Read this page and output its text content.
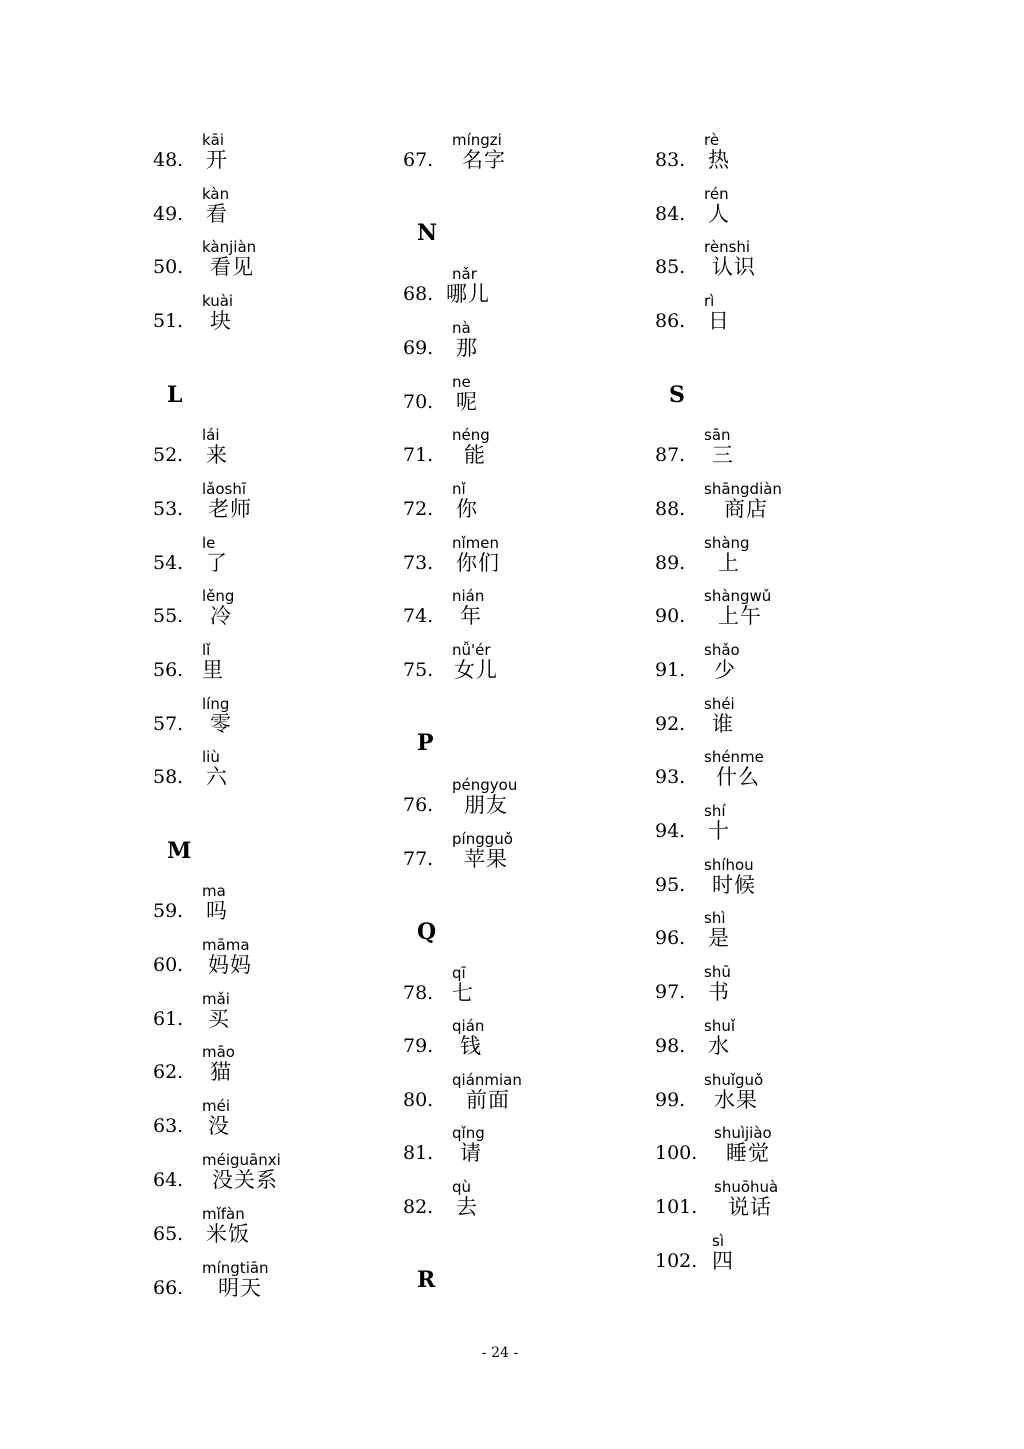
kāi
48. 开
kàn
49. 看
kànjiàn
50. 看见
kuài
51. 块
L
lái
52. 来
lǎoshī
53. 老师
le
54. 了
lěng
55. 冷
lǐ
56. 里
líng
57. 零
liù
58. 六
M
ma
59. 吗
māma
60. 妈妈
mǎi
61. 买
māo
62. 猫
méi
63. 没
méiguānxi
64. 没关系
mǐfàn
65. 米饭
míngtiān
66. 明天
míngzi
67. 名字
N
nǎr
68. 哪儿
nà
69. 那
ne
70. 呢
néng
71. 能
nǐ
72. 你
nǐmen
73. 你们
nián
74. 年
nǚ'ér
75. 女儿
P
péngyou
76. 朋友
píngguǒ
77. 苹果
Q
qī
78. 七
qián
79. 钱
qiánmian
80. 前面
qǐng
81. 请
qù
82. 去
R
rè
83. 热
rén
84. 人
rènshi
85. 认识
rì
86. 日
S
sān
87. 三
shāngdiàn
88. 商店
shàng
89. 上
shàngwǔ
90. 上午
shǎo
91. 少
shéi
92. 谁
shénme
93. 什么
shí
94. 十
shíhou
95. 时候
shì
96. 是
shū
97. 书
shuǐ
98. 水
shuǐguǒ
99. 水果
shuìjiào
100. 睡觉
shuōhuà
101. 说话
sì
102. 四
- 24 -
